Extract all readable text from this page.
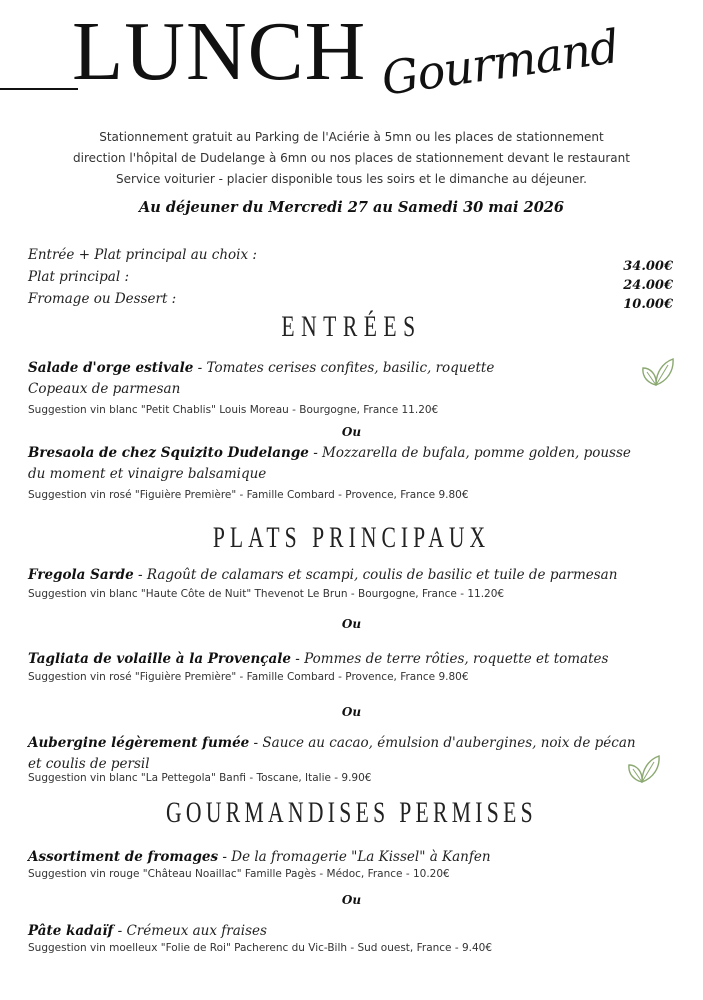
LUNCH Gourmand
Stationnement gratuit au Parking de l'Aciérie à 5mn ou les places de stationnement
direction l'hôpital de Dudelange à 6mn ou nos places de stationnement devant le restaurant
Service voiturier - placier disponible tous les soirs et le dimanche au déjeuner.
Au déjeuner du Mercredi 27 au Samedi 30 mai 2026
Entrée + Plat principal au choix :
Plat principal :
Fromage ou Dessert :
34.00€
24.00€
10.00€
ENTRÉES
Salade d'orge estivale - Tomates cerises confites, basilic, roquette
Copeaux de parmesan
Suggestion vin blanc "Petit Chablis" Louis Moreau - Bourgogne, France 11.20€
Ou
Bresaola de chez Squizito Dudelange - Mozzarella de bufala, pomme golden, pousse
du moment et vinaigre balsamique
Suggestion vin rosé "Figuière Première" - Famille Combard - Provence, France 9.80€
PLATS PRINCIPAUX
Fregola Sarde - Ragoût de calamars et scampi, coulis de basilic et tuile de parmesan
Suggestion vin blanc "Haute Côte de Nuit" Thevenot Le Brun - Bourgogne, France - 11.20€
Ou
Tagliata de volaille à la Provençale - Pommes de terre rôties, roquette et tomates
Suggestion vin rosé "Figuière Première" - Famille Combard - Provence, France 9.80€
Ou
Aubergine légèrement fumée - Sauce au cacao, émulsion d'aubergines, noix de pécan
et coulis de persil
Suggestion vin blanc "La Pettegola" Banfi - Toscane, Italie - 9.90€
GOURMANDISES PERMISES
Assortiment de fromages - De la fromagerie "La Kissel" à Kanfen
Suggestion vin rouge "Château Noaillac" Famille Pagès - Médoc, France - 10.20€
Ou
Pâte kadaïf - Crémeux aux fraises
Suggestion vin moelleux "Folie de Roi" Pacherenc du Vic-Bilh - Sud ouest, France - 9.40€
